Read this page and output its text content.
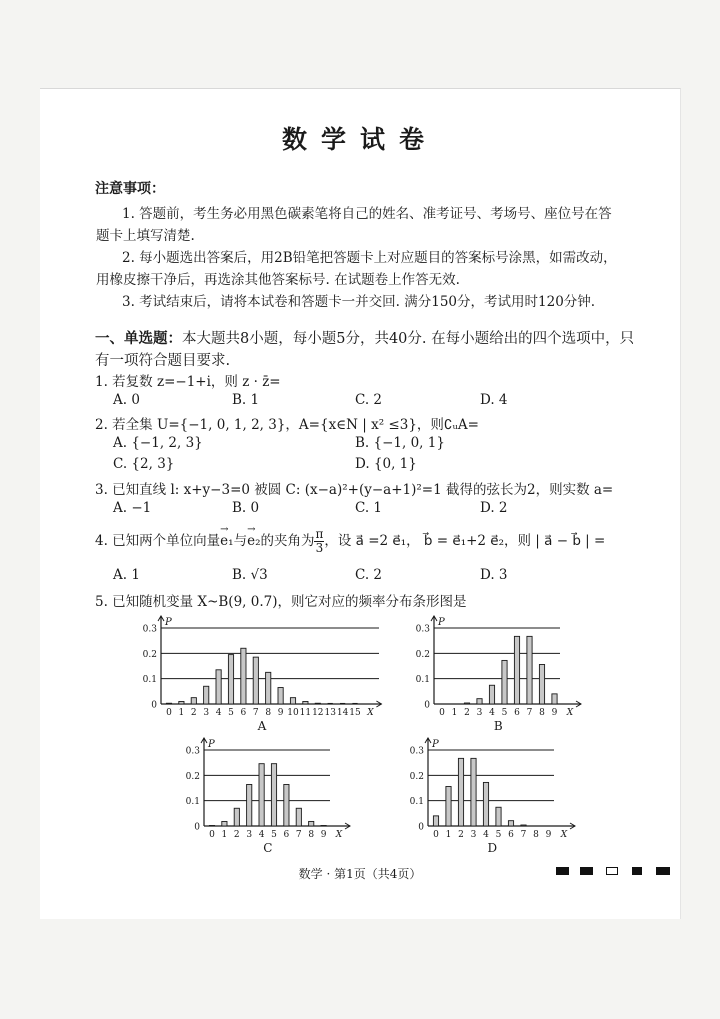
数学试卷
注意事项：
1. 答题前，考生务必用黑色碳素笔将自己的姓名、准考证号、考场号、座位号在答
题卡上填写清楚.
2. 每小题选出答案后，用2B铅笔把答题卡上对应题目的答案标号涂黑，如需改动，
用橡皮擦干净后，再选涂其他答案标号. 在试题卷上作答无效.
3. 考试结束后，请将本试卷和答题卡一并交回. 满分150分，考试用时120分钟.
一、单选题：本大题共8小题，每小题5分，共40分. 在每小题给出的四个选项中，只
有一项符合题目要求.
1. 若复数 z=−1+i，则 z · z̄=
A. 0	B. 1	C. 2	D. 4
2. 若全集 U={−1, 0, 1, 2, 3}，A={x∈N | x² ≤3}，则∁ᵤA=
A. {−1, 2, 3}	B. {−1, 0, 1}
C. {2, 3}	D. {0, 1}
3. 已知直线 l: x+y−3=0 被圆 C: (x−a)²+(y−a+1)²=1 截得的弦长为2，则实数 a=
A. −1	B. 0	C. 1	D. 2
4. 已知两个单位向量
→
e₁与
→
e₂的夹角为 $\frac{\pi}{3}$ ，设 a⃗ =2 e⃗₁， b⃗ = e⃗₁+2 e⃗₂，则 | a⃗ − b⃗ | =
A. 1	B. √3	C. 2	D. 3
5. 已知随机变量 X~B(9, 0.7)，则它对应的频率分布条形图是
0
0.1
0.2
0.3
P
X
0 1 2 3 4 5 6 7 8 9 10 11 12 13 14 15
A
0
0.1
0.2
0.3
P
X
0 1 2 3 4 5 6 7 8 9
B
0
0.1
0.2
0.3
P
X
0 1 2 3 4 5 6 7 8 9
C
0
0.1
0.2
0.3
P
X
0 1 2 3 4 5 6 7 8 9
D
数学 · 第1页（共4页）
